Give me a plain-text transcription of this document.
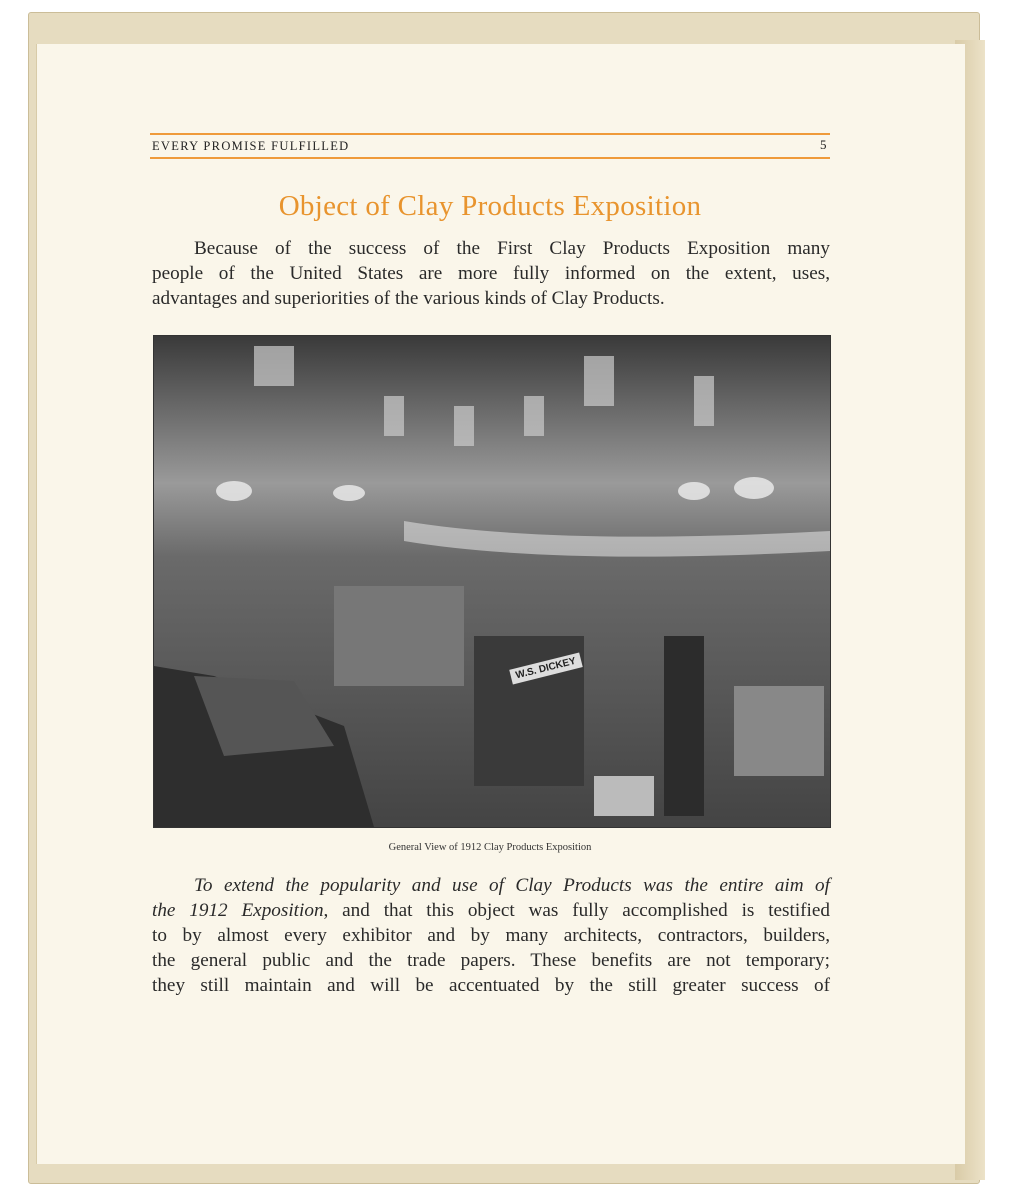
EVERY PROMISE FULFILLED	5
Object of Clay Products Exposition
Because of the success of the First Clay Products Exposition many
people of the United States are more fully informed on the extent, uses,
advantages and superiorities of the various kinds of Clay Products.
W.S. DICKEY
General View of 1912 Clay Products Exposition
To extend the popularity and use of Clay Products was the entire aim of
the 1912 Exposition, and that this object was fully accomplished is testified
to by almost every exhibitor and by many architects, contractors, builders,
the general public and the trade papers. These benefits are not temporary;
they still maintain and will be accentuated by the still greater success of
